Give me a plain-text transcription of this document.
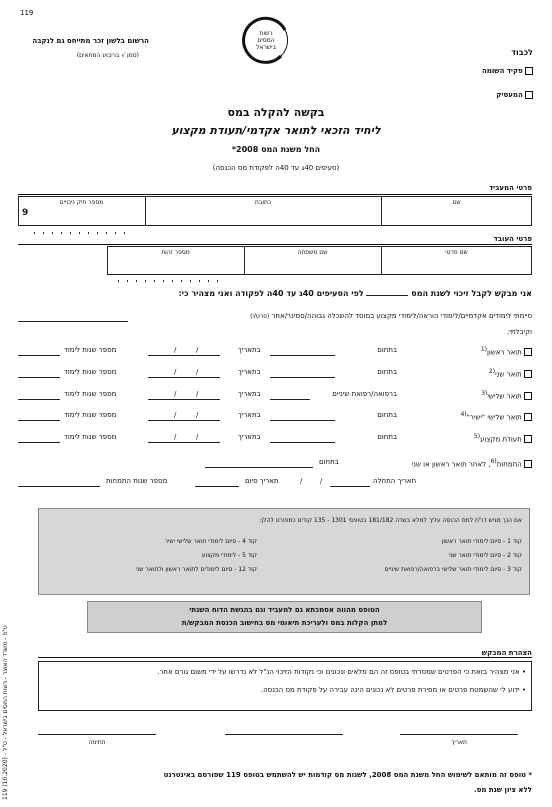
119
רשות
המסים
בישראל
הרשום בלשון זכר מתייחס גם לנקבה
(סמן √ בריבוע המתאים)	לכבוד
פקיד השומה
המעסיק
בקשה להקלה במס
ליחיד הזכאי לתואר אקדמי/תעודת מקצוע
החל משנת המס 2008*
(סעיפים 40ג עד 40ה לפקודת מס הכנסה)
פרטי המעביד
שם
כתובת
מספר תיק ניכויים
9
פרטי העובד
שם פרטי
שם משפחה
מספר זהות
אני מבקש לקבל זיכוי לשנת המס  לפי הסעיפים 40ג עד 40ה לפקודה ואני מצהיר כי:
סיימתי לימודים אקדמיים/לימודי הוראה/לימודי מקצוע במוסד להשכלה גבוהה/סמינר/אחר (פרט/י)
וקיבלתי:
תואר ראשון$^{(1}$
בתחום
בתאריך
/	/
מספר שנות לימוד
תואר שני$^{(2}$
בתחום
בתאריך
/	/
מספר שנות לימוד
תואר שלישי$^{(3}$
ברפואה/רפואת שיניים
בתאריך
/	/
מספר שנות לימוד
תואר שלישי "ישיר"$^{(4}$
בתחום
בתאריך
/	/
מספר שנות לימוד
תעודת מקצוע$^{(5}$
בתחום
בתאריך
/	/
מספר שנות לימוד
התמחות$^{(6}$, לאחר תואר ראשון או שני
בתחום
תאריך התחלה
/	/
תאריך סיום
מספר שנות התמחות
אם הנך מגיש דו"ח למס הכנסה עליך למלא בשדה 181/182 בטופסי 1301 - 135 קודים כמפורט להלן:
קוד 1 - סיום לימודי תואר ראשון
קוד 2 - סיום לימודי תואר שני
קוד 3 - סיום לימודי תואר שלישי ברפואה/רפואת שיניים
קוד 4 - סיום לימודי תואר שלישי ישיר
קוד 5 - לימודי מקצוע
קוד 12 - סיום לימודים לתואר ראשון ולתואר שני
הטופס מהווה אסמכתא גם למעביד וגם בהגשת הדוח השנתי
למתן הקלות במס ולעריכת תיאומי מס בחישוב הכנסת המבקש/ת
הצהרת המבקש
• אני מצהיר בזאת כי הפרטים שמסרתי בטופס זה הם מלאים ונכונים וכי נקודות הזיכוי הנ"ל לא נדרשו על ידי משום גורם אחר.
• ידוע לי שהשמטת פרטים או מסירת פרטים לא נכונים הינה עבירה על פקודת מס הכנסה.
תאריך
חתימה
* טופס זה מותאם לשימוש החל משנת המס 2008, לשנות מס קודמות יש להשתמש בטופס 119 שפורסם באינטרנט
ללא ציון שנת מס.
119 (10.2020) - ט"פ - משרד האוצר - רשות המסים בישראל - ט"ל
